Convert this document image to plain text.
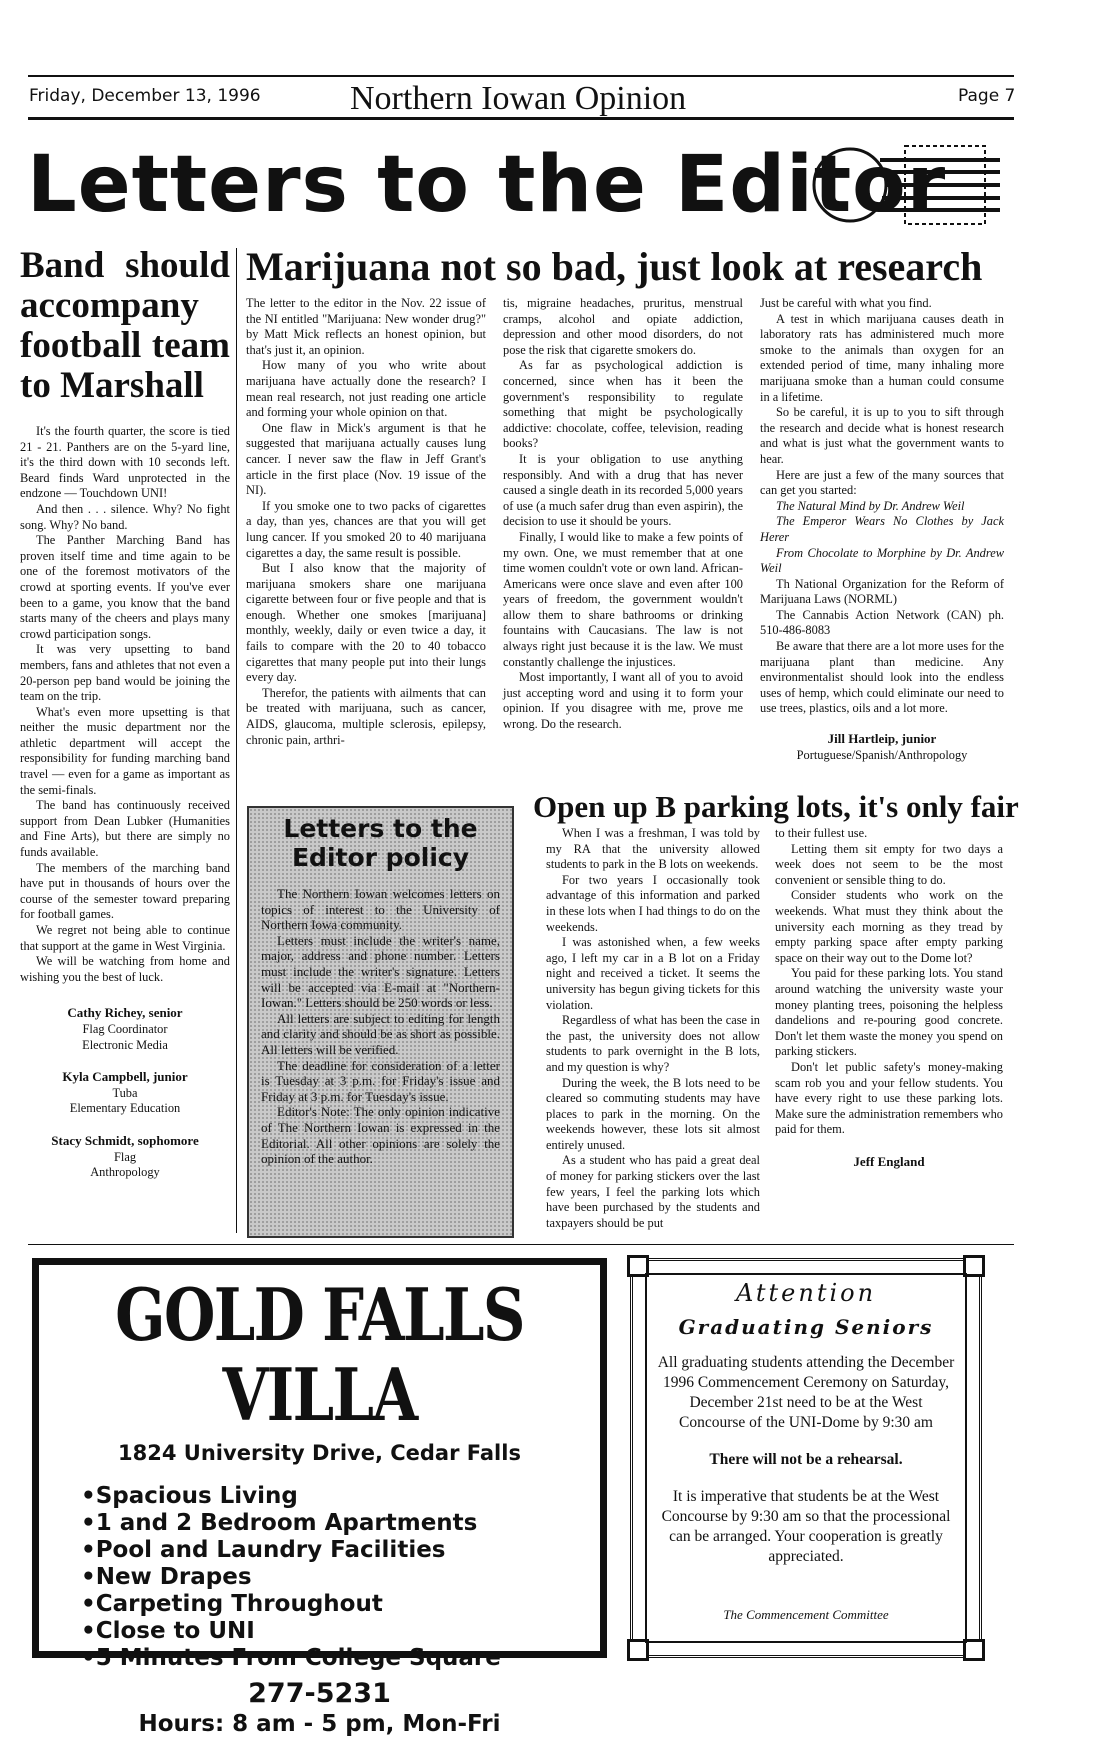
Friday, December 13, 1996	Northern Iowan Opinion	Page 7
Letters to the Editor
Band should accompany football team to Marshall

It's the fourth quarter, the score is tied 21 - 21. Panthers are on the 5-yard line, it's the third down with 10 seconds left. Beard finds Ward unprotected in the endzone — Touchdown UNI!

And then . . . silence. Why? No fight song. Why? No band.

The Panther Marching Band has proven itself time and time again to be one of the foremost motivators of the crowd at sporting events. If you've ever been to a game, you know that the band starts many of the cheers and plays many crowd participation songs.

It was very upsetting to band members, fans and athletes that not even a 20-person pep band would be joining the team on the trip.

What's even more upsetting is that neither the music department nor the athletic department will accept the responsibility for funding marching band travel — even for a game as important as the semi-finals.

The band has continuously received support from Dean Lubker (Humanities and Fine Arts), but there are simply no funds available.

The members of the marching band have put in thousands of hours over the course of the semester toward preparing for football games.

We regret not being able to continue that support at the game in West Virginia.

We will be watching from home and wishing you the best of luck.

Cathy Richey, senior
Flag Coordinator
Electronic Media
Kyla Campbell, junior
Tuba
Elementary Education
Stacy Schmidt, sophomore
Flag
Anthropology
Marijuana not so bad, just look at research

The letter to the editor in the Nov. 22 issue of the NI entitled "Marijuana: New wonder drug?" by Matt Mick reflects an honest opinion, but that's just it, an opinion.

How many of you who write about marijuana have actually done the research? I mean real research, not just reading one article and forming your whole opinion on that.

One flaw in Mick's argument is that he suggested that marijuana actually causes lung cancer. I never saw the flaw in Jeff Grant's article in the first place (Nov. 19 issue of the NI).

If you smoke one to two packs of cigarettes a day, than yes, chances are that you will get lung cancer. If you smoked 20 to 40 marijuana cigarettes a day, the same result is possible.

But I also know that the majority of marijuana smokers share one marijuana cigarette between four or five people and that is enough. Whether one smokes [marijuana] monthly, weekly, daily or even twice a day, it fails to compare with the 20 to 40 tobacco cigarettes that many people put into their lungs every day.

Therefor, the patients with ailments that can be treated with marijuana, such as cancer, AIDS, glaucoma, multiple sclerosis, epilepsy, chronic pain, arthri-

tis, migraine headaches, pruritus, menstrual cramps, alcohol and opiate addiction, depression and other mood disorders, do not pose the risk that cigarette smokers do.

As far as psychological addiction is concerned, since when has it been the government's responsibility to regulate something that might be psychologically addictive: chocolate, coffee, television, reading books?

It is your obligation to use anything responsibly. And with a drug that has never caused a single death in its recorded 5,000 years of use (a much safer drug than even aspirin), the decision to use it should be yours.

Finally, I would like to make a few points of my own. One, we must remember that at one time women couldn't vote or own land. African-Americans were once slave and even after 100 years of freedom, the government wouldn't allow them to share bathrooms or drinking fountains with Caucasians. The law is not always right just because it is the law. We must constantly challenge the injustices.

Most importantly, I want all of you to avoid just accepting word and using it to form your opinion. If you disagree with me, prove me wrong. Do the research.

Just be careful with what you find.

A test in which marijuana causes death in laboratory rats has administered much more smoke to the animals than oxygen for an extended period of time, many inhaling more marijuana smoke than a human could consume in a lifetime.

So be careful, it is up to you to sift through the research and decide what is honest research and what is just what the government wants to hear.

Here are just a few of the many sources that can get you started:

The Natural Mind by Dr. Andrew Weil

The Emperor Wears No Clothes by Jack Herer

From Chocolate to Morphine by Dr. Andrew Weil

Th National Organization for the Reform of Marijuana Laws (NORML)

The Cannabis Action Network (CAN) ph. 510-486-8083

Be aware that there are a lot more uses for the marijuana plant than medicine. Any environmentalist should look into the endless uses of hemp, which could eliminate our need to use trees, plastics, oils and a lot more.

Jill Hartleip, junior
Portuguese/Spanish/Anthropology
Letters to the
Editor policy

The Northern Iowan welcomes letters on topics of interest to the University of Northern Iowa community.

Letters must include the writer's name, major, address and phone number. Letters must include the writer's signature. Letters will be accepted via E-mail at "Northern-Iowan." Letters should be 250 words or less.

All letters are subject to editing for length and clarity and should be as short as possible. All letters will be verified.

The deadline for consideration of a letter is Tuesday at 3 p.m. for Friday's issue and Friday at 3 p.m. for Tuesday's issue.

Editor's Note: The only opinion indicative of The Northern Iowan is expressed in the Editorial. All other opinions are solely the opinion of the author.

Open up B parking lots, it's only fair

When I was a freshman, I was told by my RA that the university allowed students to park in the B lots on weekends.

For two years I occasionally took advantage of this information and parked in these lots when I had things to do on the weekends.

I was astonished when, a few weeks ago, I left my car in a B lot on a Friday night and received a ticket. It seems the university has begun giving tickets for this violation.

Regardless of what has been the case in the past, the university does not allow students to park overnight in the B lots, and my question is why?

During the week, the B lots need to be cleared so commuting students may have places to park in the morning. On the weekends however, these lots sit almost entirely unused.

As a student who has paid a great deal of money for parking stickers over the last few years, I feel the parking lots which have been purchased by the students and taxpayers should be put

to their fullest use.

Letting them sit empty for two days a week does not seem to be the most convenient or sensible thing to do.

Consider students who work on the weekends. What must they think about the university each morning as they tread by empty parking space after empty parking space on their way out to the Dome lot?

You paid for these parking lots. You stand around watching the university waste your money planting trees, poisoning the helpless dandelions and re-pouring good concrete. Don't let them waste the money you spend on parking stickers.

Don't let public safety's money-making scam rob you and your fellow students. You have every right to use these parking lots. Make sure the administration remembers who paid for them.

Jeff England
GOLD FALLS VILLA
1824 University Drive, Cedar Falls
• Spacious Living
• 1 and 2 Bedroom Apartments
• Pool and Laundry Facilities
• New Drapes
• Carpeting Throughout
• Close to UNI
• 5 Minutes From College Square
277-5231
Hours: 8 am - 5 pm, Mon-Fri
Attention
Graduating Seniors
All graduating students attending the December 1996 Commencement Ceremony on Saturday, December 21st need to be at the West Concourse of the UNI-Dome by 9:30 am
There will not be a rehearsal.
It is imperative that students be at the West Concourse by 9:30 am so that the processional can be arranged. Your cooperation is greatly appreciated.
The Commencement Committee
